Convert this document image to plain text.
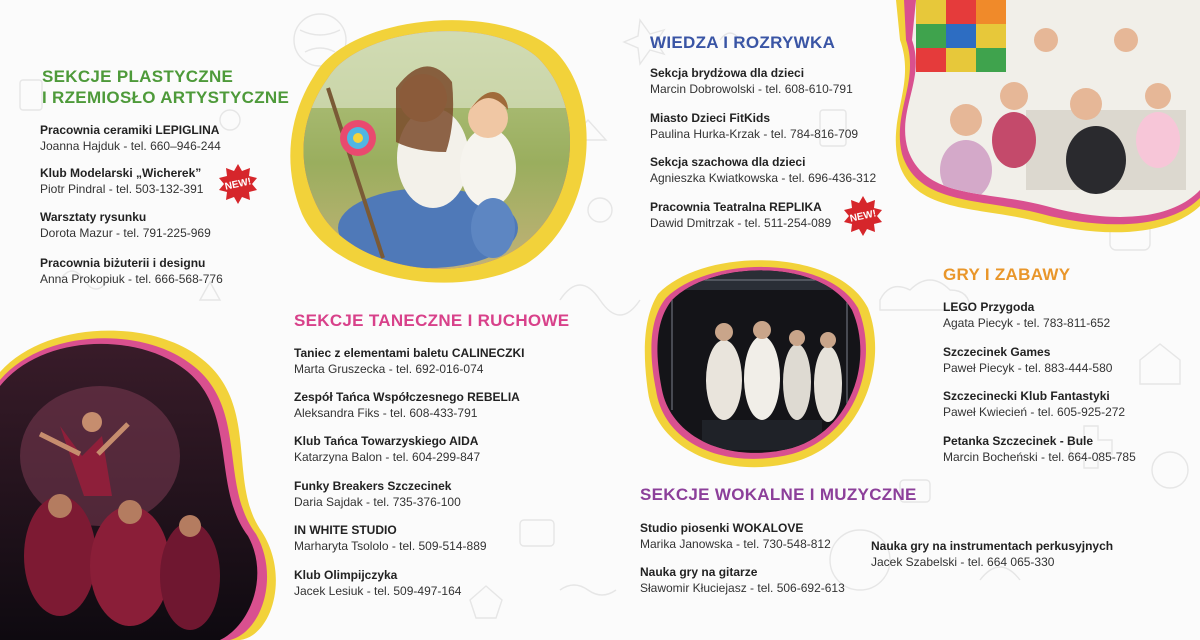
NEW!
NEW!
SEKCJE PLASTYCZNE
I RZEMIOSŁO ARTYSTYCZNE
Pracownia ceramiki LEPIGLINA
Joanna Hajduk - tel. 660–946-244
Klub Modelarski „Wicherek”
Piotr Pindral - tel. 503-132-391
Warsztaty rysunku
Dorota Mazur - tel. 791-225-969
Pracownia biżuterii i designu
Anna Prokopiuk - tel. 666-568-776
SEKCJE TANECZNE I RUCHOWE
Taniec z elementami baletu CALINECZKI
Marta Gruszecka - tel. 692-016-074
Zespół Tańca Współczesnego REBELIA
Aleksandra Fiks - tel. 608-433-791
Klub Tańca Towarzyskiego AIDA
Katarzyna Balon - tel. 604-299-847
Funky Breakers Szczecinek
Daria Sajdak - tel. 735-376-100
IN WHITE STUDIO
Marharyta Tsololo - tel. 509-514-889
Klub Olimpijczyka
Jacek Lesiuk - tel. 509-497-164
WIEDZA I ROZRYWKA
Sekcja brydżowa dla dzieci
Marcin Dobrowolski - tel. 608-610-791
Miasto Dzieci FitKids
Paulina Hurka-Krzak - tel. 784-816-709
Sekcja szachowa dla dzieci
Agnieszka Kwiatkowska - tel. 696-436-312
Pracownia Teatralna REPLIKA
Dawid Dmitrzak - tel. 511-254-089
GRY I ZABAWY
LEGO Przygoda
Agata Piecyk - tel. 783-811-652
Szczecinek Games
Paweł Piecyk - tel. 883-444-580
Szczecinecki Klub Fantastyki
Paweł Kwiecień - tel. 605-925-272
Petanka Szczecinek - Bule
Marcin Bocheński - tel. 664-085-785
SEKCJE WOKALNE I MUZYCZNE
Studio piosenki WOKALOVE
Marika Janowska - tel. 730-548-812
Nauka gry na gitarze
Sławomir Kłuciejasz - tel. 506-692-613
Nauka gry na instrumentach perkusyjnych
Jacek Szabelski - tel. 664 065-330
